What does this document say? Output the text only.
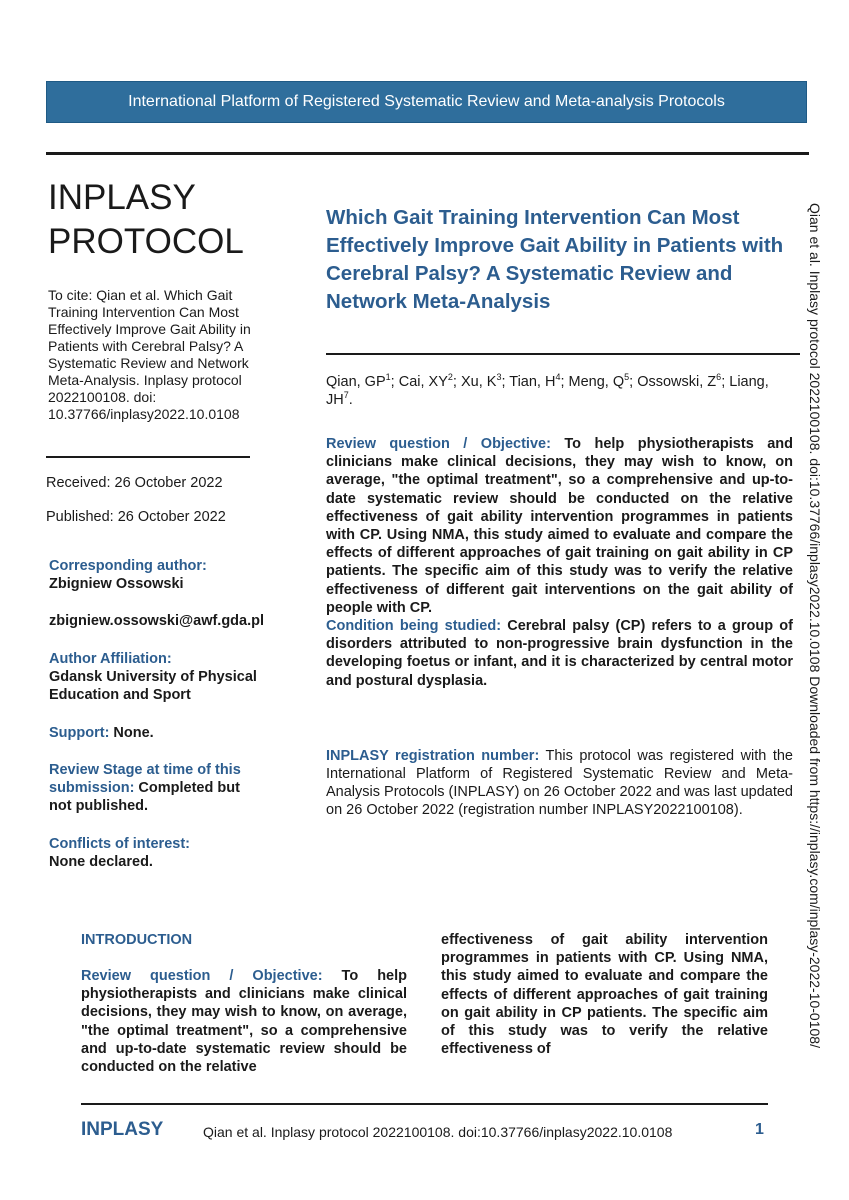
International Platform of Registered Systematic Review and Meta-analysis Protocols
INPLASY
PROTOCOL
To cite: Qian et al. Which Gait Training Intervention Can Most Effectively Improve Gait Ability in Patients with Cerebral Palsy? A Systematic Review and Network Meta-Analysis. Inplasy protocol 2022100108. doi: 10.37766/inplasy2022.10.0108
Received: 26 October 2022
Published: 26 October 2022
Corresponding author:
Zbigniew Ossowski
zbigniew.ossowski@awf.gda.pl
Author Affiliation:
Gdansk University of Physical Education and Sport
Support: None.
Review Stage at time of this submission: Completed but not published.
Conflicts of interest:
None declared.
Which Gait Training Intervention Can Most Effectively Improve Gait Ability in Patients with Cerebral Palsy? A Systematic Review and Network Meta-Analysis
Qian, $GP^1$; Cai, $XY^2$; Xu, $K^3$; Tian, $H^4$; Meng, $Q^5$; Ossowski, $Z^6$; Liang, $JH^7$.
Review question / Objective: To help physiotherapists and clinicians make clinical decisions, they may wish to know, on average, "the optimal treatment", so a comprehensive and up-to-date systematic review should be conducted on the relative effectiveness of gait ability intervention programmes in patients with CP. Using NMA, this study aimed to evaluate and compare the effects of different approaches of gait training on gait ability in CP patients. The specific aim of this study was to verify the relative effectiveness of different gait interventions on the gait ability of people with CP.
Condition being studied: Cerebral palsy (CP) refers to a group of disorders attributed to non-progressive brain dysfunction in the developing foetus or infant, and it is characterized by central motor and postural dysplasia.
INPLASY registration number: This protocol was registered with the International Platform of Registered Systematic Review and Meta-Analysis Protocols (INPLASY) on 26 October 2022 and was last updated on 26 October 2022 (registration number INPLASY2022100108).	Qian et al. Inplasy protocol 2022100108. doi:10.37766/inplasy2022.10.0108 Downloaded from https://inplasy.com/inplasy-2022-10-0108/
INTRODUCTION
Review question / Objective: To help physiotherapists and clinicians make clinical decisions, they may wish to know, on average, "the optimal treatment", so a comprehensive and up-to-date systematic review should be conducted on the relative
effectiveness of gait ability intervention programmes in patients with CP. Using NMA, this study aimed to evaluate and compare the effects of different approaches of gait training on gait ability in CP patients. The specific aim of this study was to verify the relative effectiveness of
INPLASY	Qian et al. Inplasy protocol 2022100108. doi:10.37766/inplasy2022.10.0108	1
